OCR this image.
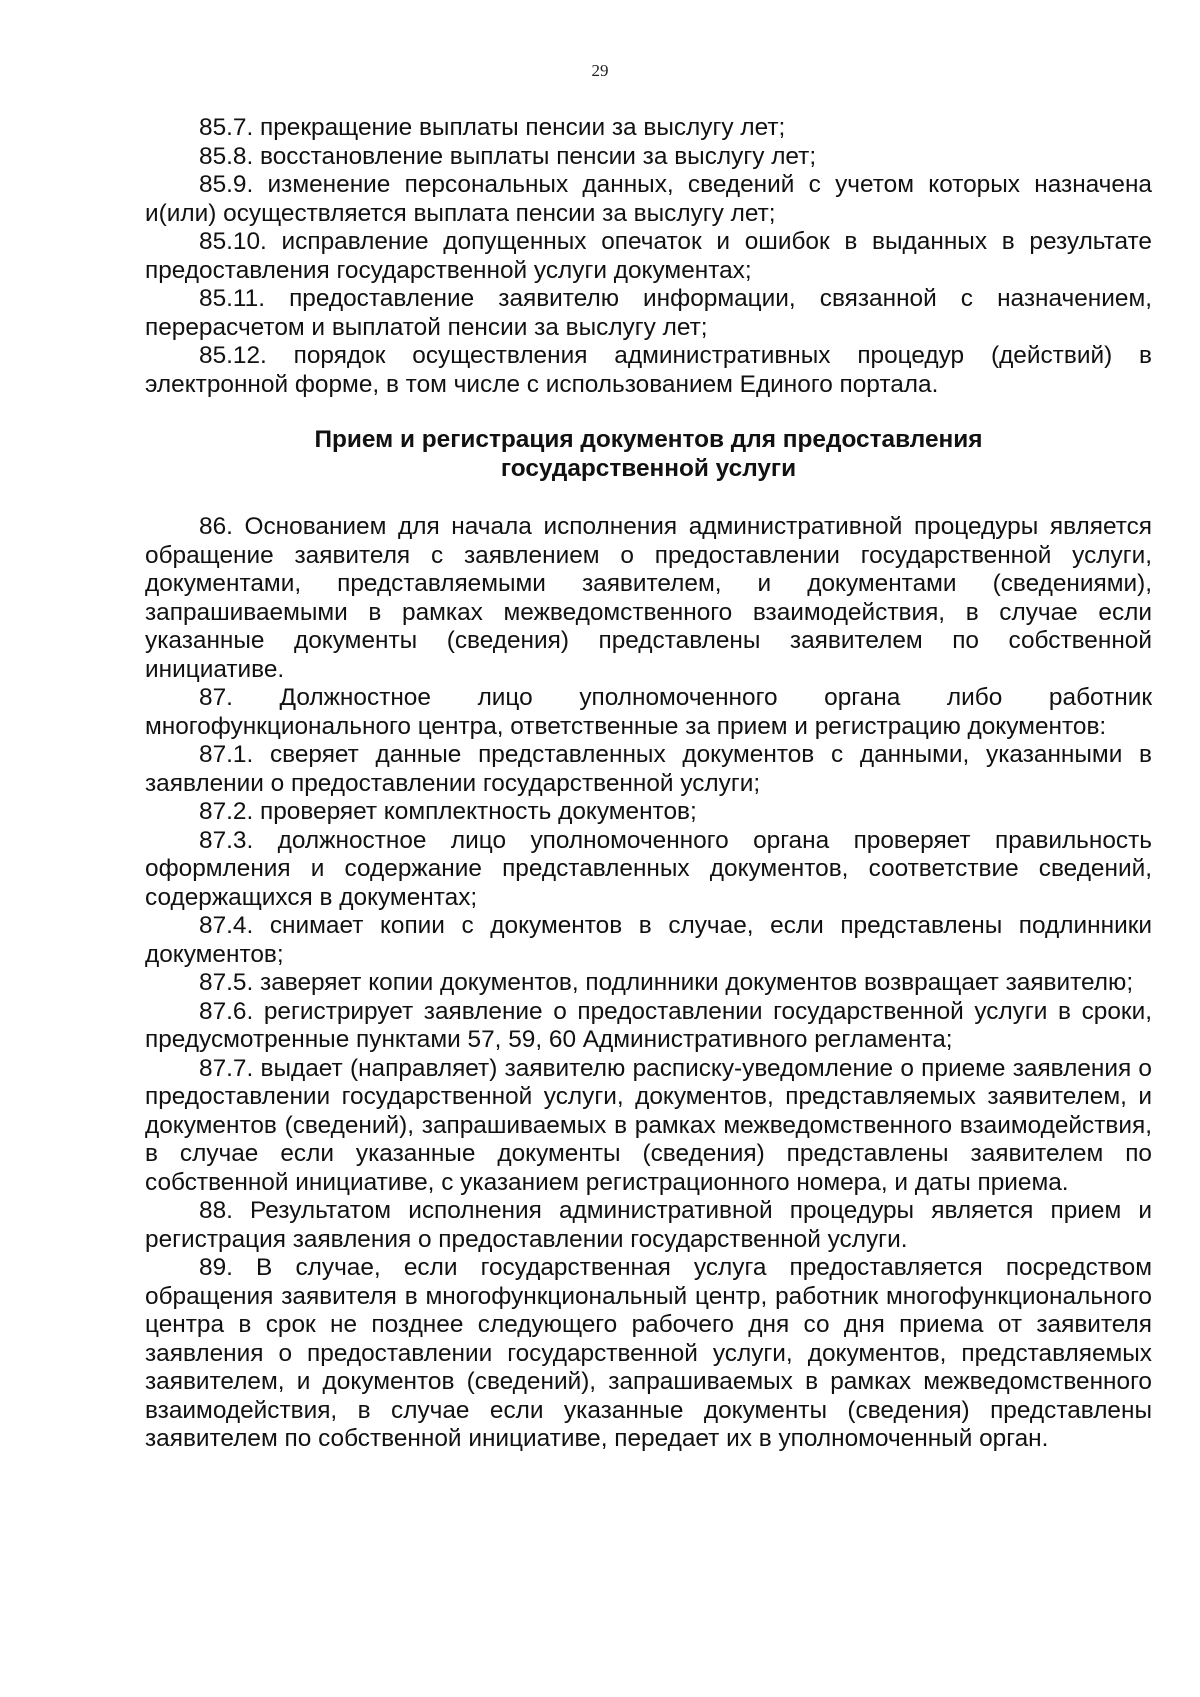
29

85.7. прекращение выплаты пенсии за выслугу лет;

85.8. восстановление выплаты пенсии за выслугу лет;

85.9. изменение персональных данных, сведений с учетом которых назначена и(или) осуществляется выплата пенсии за выслугу лет;

85.10. исправление допущенных опечаток и ошибок в выданных в результате предоставления государственной услуги документах;

85.11. предоставление заявителю информации, связанной с назначением, перерасчетом и выплатой пенсии за выслугу лет;

85.12. порядок осуществления административных процедур (действий) в электронной форме, в том числе с использованием Единого портала.

Прием и регистрация документов для предоставления
государственной услуги

86. Основанием для начала исполнения административной процедуры является обращение заявителя с заявлением о предоставлении государственной услуги, документами, представляемыми заявителем, и документами (сведениями), запрашиваемыми в рамках межведомственного взаимодействия, в случае если указанные документы (сведения) представлены заявителем по собственной инициативе.

87. Должностное лицо уполномоченного органа либо работник многофункционального центра, ответственные за прием и регистрацию документов:

87.1. сверяет данные представленных документов с данными, указанными в заявлении о предоставлении государственной услуги;

87.2. проверяет комплектность документов;

87.3. должностное лицо уполномоченного органа проверяет правильность оформления и содержание представленных документов, соответствие сведений, содержащихся в документах;

87.4. снимает копии с документов в случае, если представлены подлинники документов;

87.5. заверяет копии документов, подлинники документов возвращает заявителю;

87.6. регистрирует заявление о предоставлении государственной услуги в сроки, предусмотренные пунктами 57, 59, 60 Административного регламента;

87.7. выдает (направляет) заявителю расписку-уведомление о приеме заявления о предоставлении государственной услуги, документов, представляемых заявителем, и документов (сведений), запрашиваемых в рамках межведомственного взаимодействия, в случае если указанные документы (сведения) представлены заявителем по собственной инициативе, с указанием регистрационного номера, и даты приема.

88. Результатом исполнения административной процедуры является прием и регистрация заявления о предоставлении государственной услуги.

89. В случае, если государственная услуга предоставляется посредством обращения заявителя в многофункциональный центр, работник многофункционального центра в срок не позднее следующего рабочего дня со дня приема от заявителя заявления о предоставлении государственной услуги, документов, представляемых заявителем, и документов (сведений), запрашиваемых в рамках межведомственного взаимодействия, в случае если указанные документы (сведения) представлены заявителем по собственной инициативе, передает их в уполномоченный орган.
